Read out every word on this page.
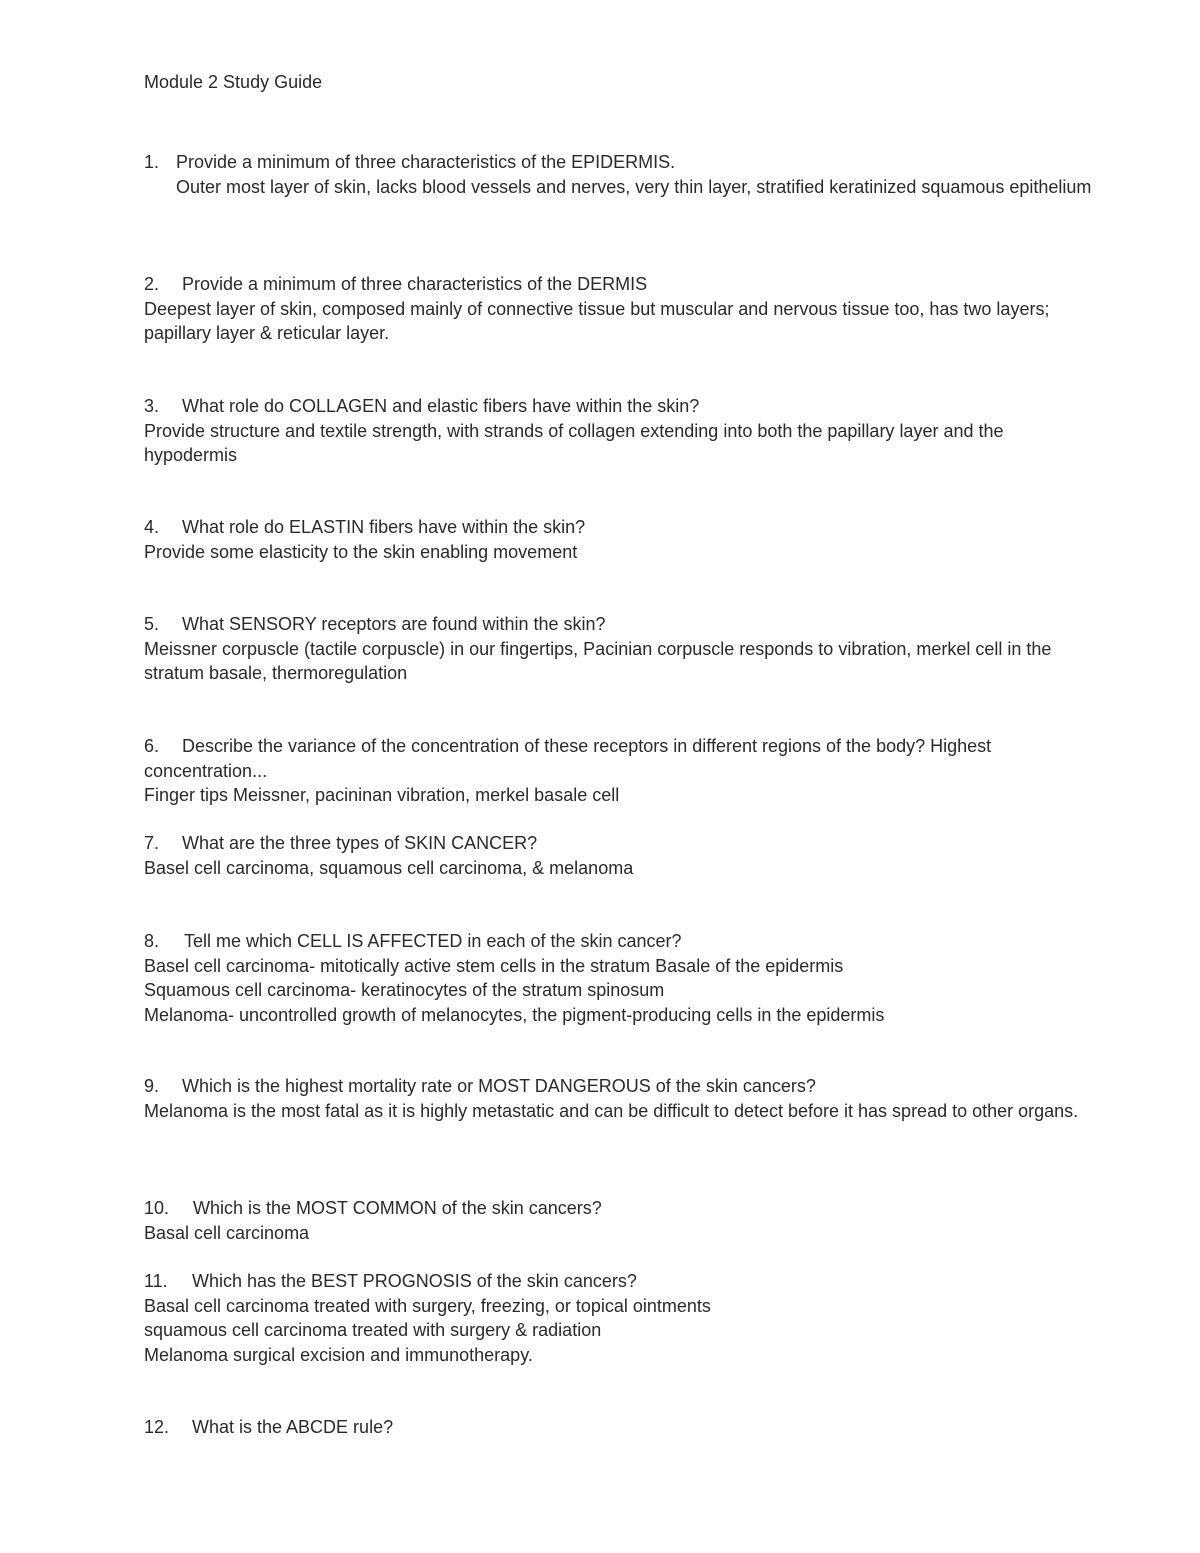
Module 2 Study Guide
1. Provide a minimum of three characteristics of the EPIDERMIS.
Outer most layer of skin, lacks blood vessels and nerves, very thin layer, stratified keratinized squamous epithelium
2. Provide a minimum of three characteristics of the DERMIS
Deepest layer of skin, composed mainly of connective tissue but muscular and nervous tissue too, has two layers; papillary layer & reticular layer.
3. What role do COLLAGEN and elastic fibers have within the skin?
Provide structure and textile strength, with strands of collagen extending into both the papillary layer and the hypodermis
4. What role do ELASTIN fibers have within the skin?
Provide some elasticity to the skin enabling movement
5. What SENSORY receptors are found within the skin?
Meissner corpuscle (tactile corpuscle) in our fingertips, Pacinian corpuscle responds to vibration, merkel cell in the stratum basale, thermoregulation
6. Describe the variance of the concentration of these receptors in different regions of the body? Highest concentration...
Finger tips Meissner, pacininan vibration, merkel basale cell
7. What are the three types of SKIN CANCER?
Basel cell carcinoma, squamous cell carcinoma, & melanoma
8. Tell me which CELL IS AFFECTED in each of the skin cancer?
Basel cell carcinoma- mitotically active stem cells in the stratum Basale of the epidermis
Squamous cell carcinoma- keratinocytes of the stratum spinosum
Melanoma- uncontrolled growth of melanocytes, the pigment-producing cells in the epidermis
9. Which is the highest mortality rate or MOST DANGEROUS of the skin cancers?
Melanoma is the most fatal as it is highly metastatic and can be difficult to detect before it has spread to other organs.
10. Which is the MOST COMMON of the skin cancers?
Basal cell carcinoma
11. Which has the BEST PROGNOSIS of the skin cancers?
Basal cell carcinoma treated with surgery, freezing, or topical ointments
squamous cell carcinoma treated with surgery & radiation
Melanoma surgical excision and immunotherapy.
12. What is the ABCDE rule?
